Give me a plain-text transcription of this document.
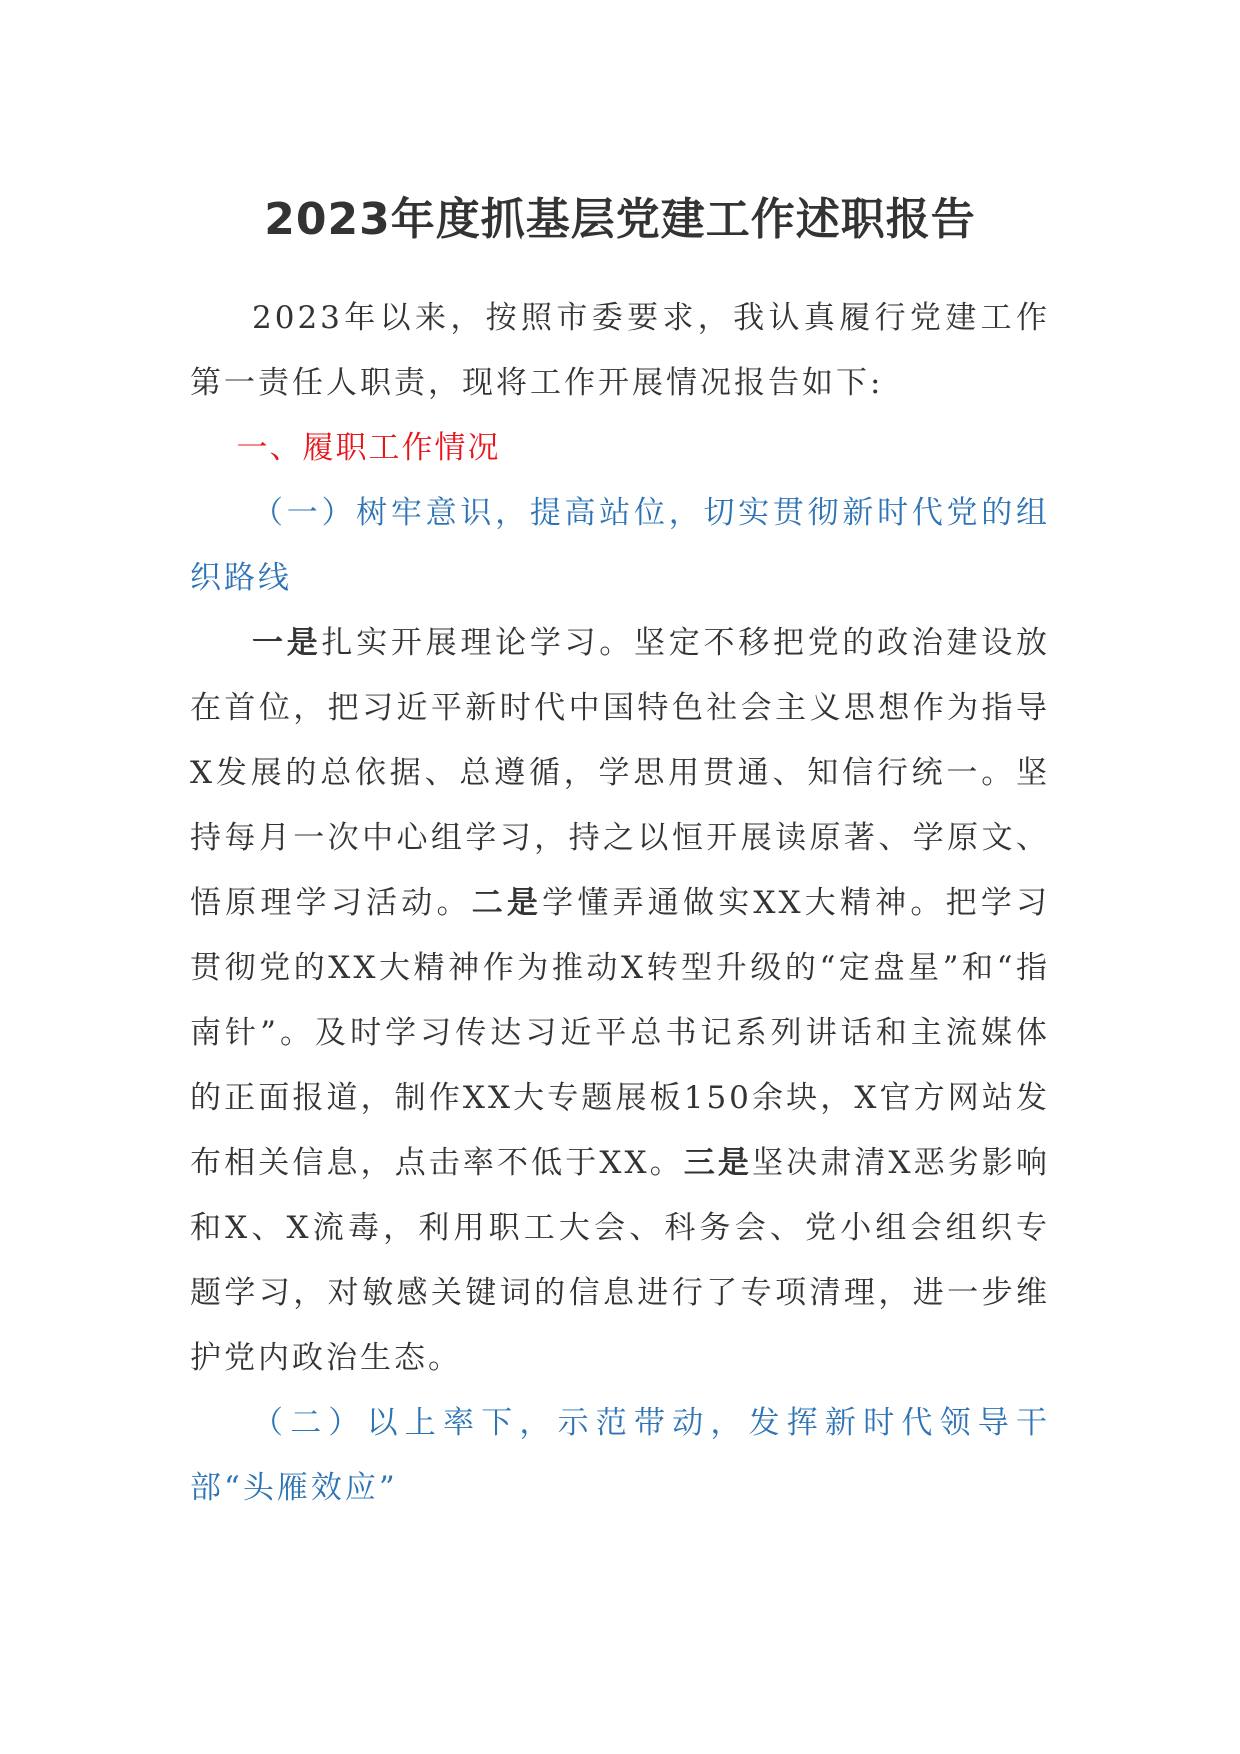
2023年度抓基层党建工作述职报告

2023年以来，按照市委要求，我认真履行党建工作第一责任人职责，现将工作开展情况报告如下:

一、履职工作情况

（一）树牢意识，提高站位，切实贯彻新时代党的组织路线

一是扎实开展理论学习。坚定不移把党的政治建设放在首位，把习近平新时代中国特色社会主义思想作为指导X发展的总依据、总遵循，学思用贯通、知信行统一。坚持每月一次中心组学习，持之以恒开展读原著、学原文、悟原理学习活动。二是学懂弄通做实XX大精神。把学习贯彻党的XX大精神作为推动X转型升级的“定盘星”和“指南针”。及时学习传达习近平总书记系列讲话和主流媒体的正面报道，制作XX大专题展板150余块，X官方网站发布相关信息，点击率不低于XX。三是坚决肃清X恶劣影响和X、X流毒，利用职工大会、科务会、党小组会组织专题学习，对敏感关键词的信息进行了专项清理，进一步维护党内政治生态。

（二）以上率下，示范带动，发挥新时代领导干部“头雁效应”
